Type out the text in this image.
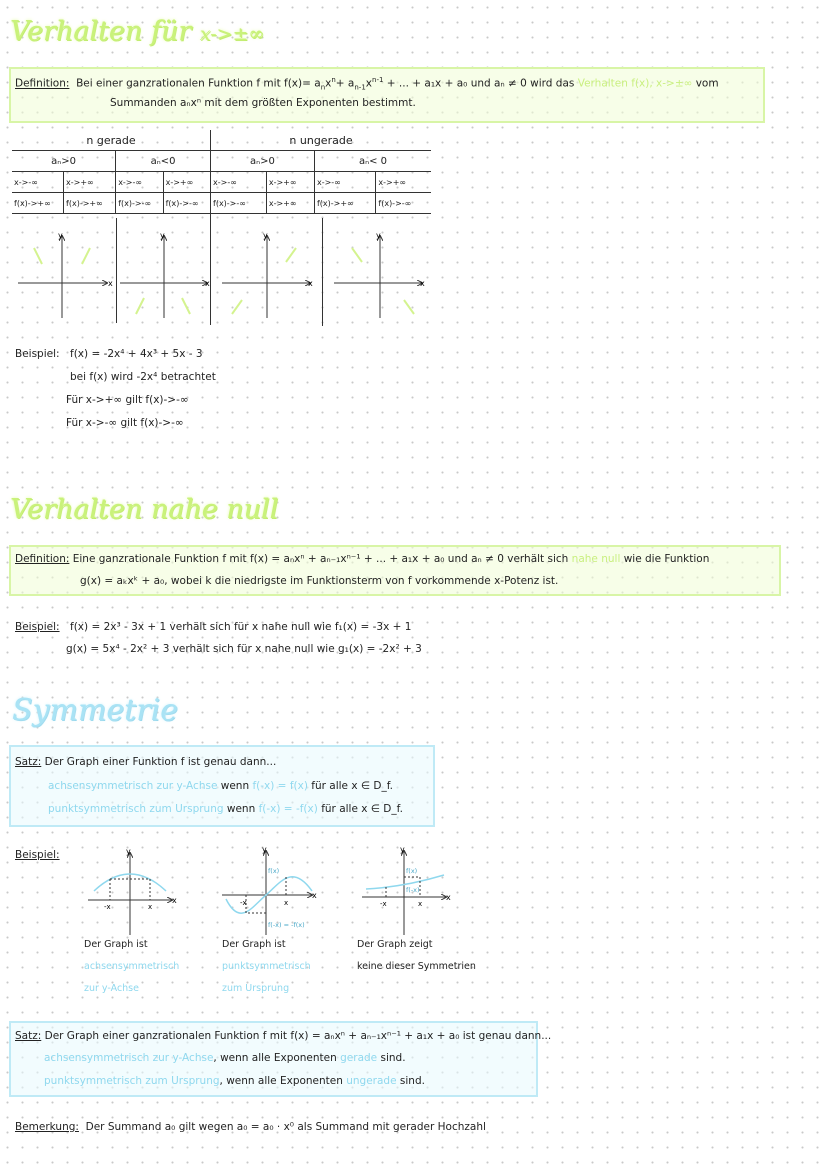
Verhalten für x->±∞
Definition: Bei einer ganzrationalen Funktion f mit $f(x)= a_nx^n+ a_{n-1}x^{n-1}$ + ... + a₁x + a₀ und aₙ ≠ 0 wird das Verhalten f(x), x->±∞ vom
Summanden aₙxⁿ mit dem größten Exponenten bestimmt.
n gerade				n ungerade			
aₙ>0		aₙ<0		aₙ>0		aₙ< 0	
x->-∞	x->+∞	x->-∞	x->+∞	x->-∞	x->+∞	x->-∞	x->+∞
f(x)->+∞	f(x)->+∞	f(x)->-∞	f(x)->-∞	f(x)->-∞	x->+∞	f(x)->+∞	f(x)->-∞
x
y
x
y
x
y
x
y
Beispiel: f(x) = -2x⁴ + 4x³ + 5x - 3
bei f(x) wird -2x⁴ betrachtet
Für x->+∞ gilt f(x)->-∞
Für x->-∞ gilt f(x)->-∞
Verhalten nahe null
Definition: Eine ganzrationale Funktion f mit f(x) = aₙxⁿ + aₙ₋₁xⁿ⁻¹ + ... + a₁x + a₀ und aₙ ≠ 0 verhält sich nahe null wie die Funktion
g(x) = aₖxᵏ + a₀, wobei k die niedrigste im Funktionsterm von f vorkommende x-Potenz ist.
Beispiel: f(x) = 2x³ - 3x + 1 verhält sich für x nahe null wie f₁(x) = -3x + 1
g(x) = 5x⁴ - 2x² + 3 verhält sich für x nahe null wie g₁(x) = -2x² + 3
Symmetrie
Satz: Der Graph einer Funktion f ist genau dann...
achsensymmetrisch zur y-Achse wenn f(-x) = f(x) für alle x ∈ D_f.
punktsymmetrisch zum Ursprung wenn f(-x) = -f(x) für alle x ∈ D_f.
Beispiel:
x
y
-x	x
x
y
f(x)
-x	x
f(-x) = -f(x)
x
y
f(x)
f(-x)
-x	x
Der Graph ist
achsensymmetrisch
zur y-Achse
Der Graph ist
punktsymmetrisch
zum Ursprung
Der Graph zeigt
keine dieser Symmetrien
Satz: Der Graph einer ganzrationalen Funktion f mit f(x) = aₙxⁿ + aₙ₋₁xⁿ⁻¹ + a₁x + a₀ ist genau dann...
achsensymmetrisch zur y-Achse, wenn alle Exponenten gerade sind.
punktsymmetrisch zum Ursprung, wenn alle Exponenten ungerade sind.
Bemerkung: Der Summand a₀ gilt wegen a₀ = a₀ · x⁰ als Summand mit gerader Hochzahl
